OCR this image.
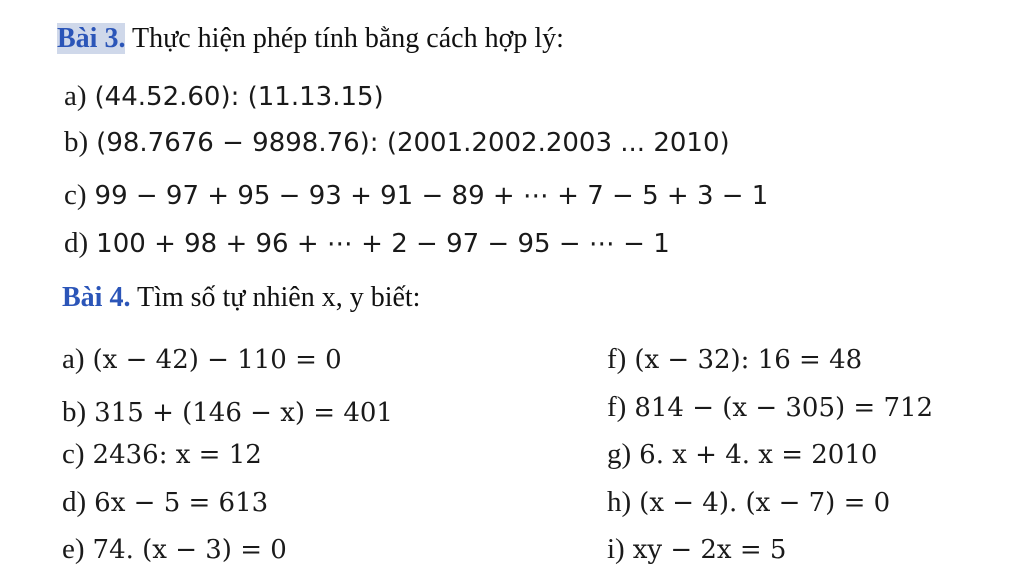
Bài 3. Thực hiện phép tính bằng cách hợp lý:
a) (44.52.60): (11.13.15)
b) (98.7676 − 9898.76): (2001.2002.2003 ... 2010)
c) 99 − 97 + 95 − 93 + 91 − 89 + ⋯ + 7 − 5 + 3 − 1
d) 100 + 98 + 96 + ⋯ + 2 − 97 − 95 − ⋯ − 1
Bài 4. Tìm số tự nhiên x, y biết:
a) (x − 42) − 110 = 0
b) 315 + (146 − x) = 401
c) 2436: x = 12
d) 6x − 5 = 613
e) 74. (x − 3) = 0
f) (x − 32): 16 = 48
f) 814 − (x − 305) = 712
g) 6. x + 4. x = 2010
h) (x − 4). (x − 7) = 0
i) xy − 2x = 5
